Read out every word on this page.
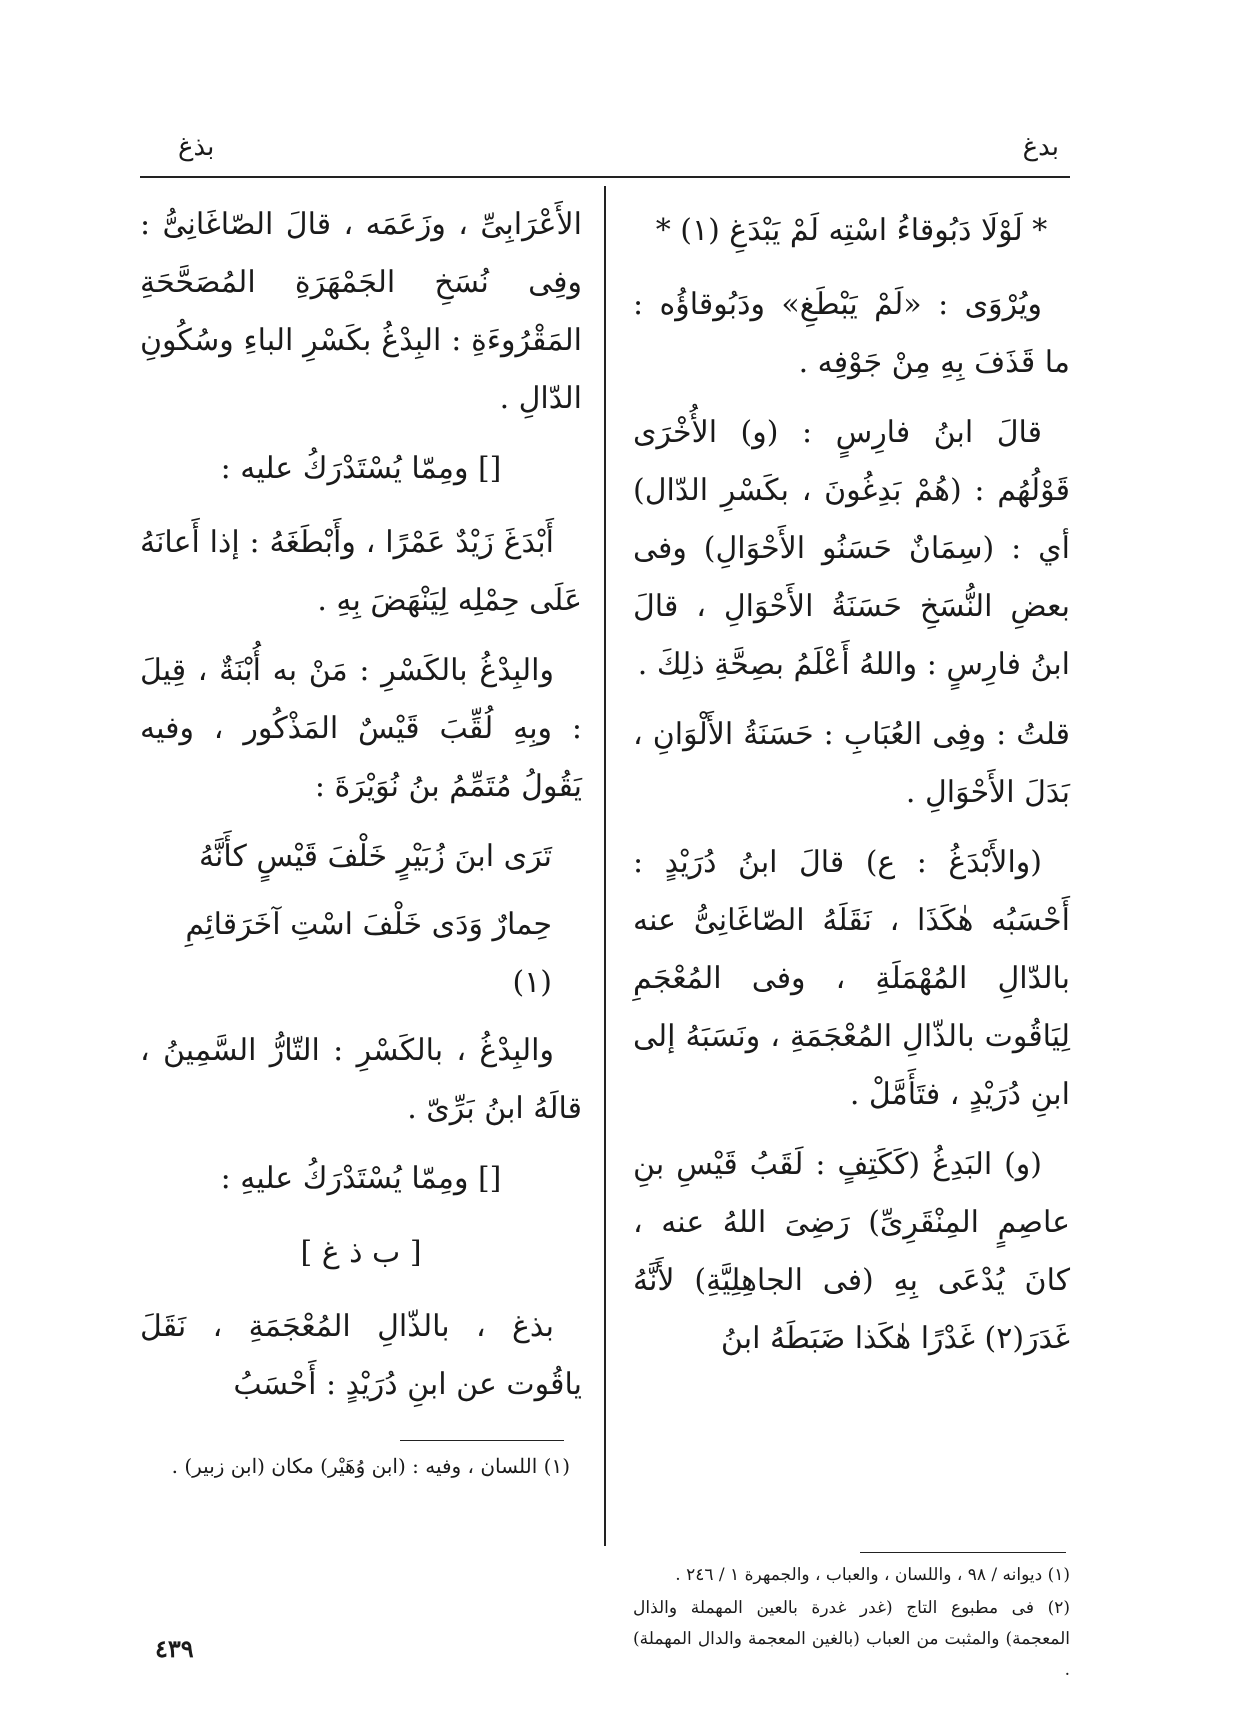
بدغ
بذغ

* لَوْلَا دَبُوقاءُ اسْتِه لَمْ يَبْدَغِ (١) *

ويُرْوَى : «لَمْ يَبْطَغِ» ودَبُوقاؤُه : ما قَذَفَ بِهِ مِنْ جَوْفِه .

قالَ ابنُ فارِسٍ : (و) الأُخْرَى قَوْلُهُم : (هُمْ بَدِغُونَ ، بكَسْرِ الدّال) أي : (سِمَانٌ حَسَنُو الأَحْوَالِ) وفى بعضِ النُّسَخِ حَسَنَةُ الأَحْوَالِ ، قالَ ابنُ فارِسٍ : واللهُ أَعْلَمُ بصِحَّةِ ذلِكَ .

قلتُ : وفِى العُبَابِ : حَسَنَةُ الأَلْوَانِ ، بَدَلَ الأَحْوَالِ .

(والأَبْدَغُ : ع) قالَ ابنُ دُرَيْدٍ : أَحْسَبُه هٰكَذَا ، نَقَلَهُ الصّاغَانِىُّ عنه بالدّالِ المُهْمَلَةِ ، وفى المُعْجَمِ لِيَاقُوت بالذّالِ المُعْجَمَةِ ، ونَسَبَهُ إلى ابنِ دُرَيْدٍ ، فتَأَمَّلْ .

(و) البَدِغُ (كَكَتِفٍ : لَقَبُ قَيْسِ بنِ عاصِمٍ المِنْقَرِىِّ) رَضِىَ اللهُ عنه ، كانَ يُدْعَى بِهِ (فى الجاهِلِيَّةِ) لأَنَّهُ غَدَرَ(٢) غَدْرًا هٰكَذا ضَبَطَهُ ابنُ

(١) ديوانه / ٩٨ ، واللسان ، والعباب ، والجمهرة ١ / ٢٤٦ .

(٢) فى مطبوع التاج (غدر غدرة بالعين المهملة والذال المعجمة) والمثبت من العباب (بالغين المعجمة والدال المهملة) .

الأَعْرَابِىِّ ، وزَعَمَه ، قالَ الصّاغَانِىُّ : وفِى نُسَخِ الجَمْهَرَةِ المُصَحَّحَةِ المَقْرُوءَةِ : البِدْغُ بكَسْرِ الباءِ وسُكُونِ الدّالِ .

[] ومِمّا يُسْتَدْرَكُ عليه :

أَبْدَغَ زَيْدٌ عَمْرًا ، وأَبْطَغَهُ : إذا أَعانَهُ عَلَى حِمْلِه لِيَنْهَضَ بِهِ .

والبِدْغُ بالكَسْرِ : مَنْ به أُبْنَةٌ ، قِيلَ : وبِهِ لُقِّبَ قَيْسٌ المَذْكُور ، وفيه يَقُولُ مُتَمِّمُ بنُ نُوَيْرَةَ :

تَرَى ابنَ زُبَيْرٍ خَلْفَ قَيْسٍ كأَنَّهُ

حِمارٌ وَدَى خَلْفَ اسْتِ آخَرَقائِمِ (١)

والبِدْغُ ، بالكَسْرِ : التّارُّ السَّمِينُ ، قالَهُ ابنُ بَرِّىّ .

[] ومِمّا يُسْتَدْرَكُ عليهِ :

[ ب ذ غ ]

بذغ ، بالذّالِ المُعْجَمَةِ ، نَقَلَ ياقُوت عن ابنِ دُرَيْدٍ : أَحْسَبُ

(١) اللسان ، وفيه : (ابن وُهَيْر) مكان (ابن زبير) .

٤٣٩
